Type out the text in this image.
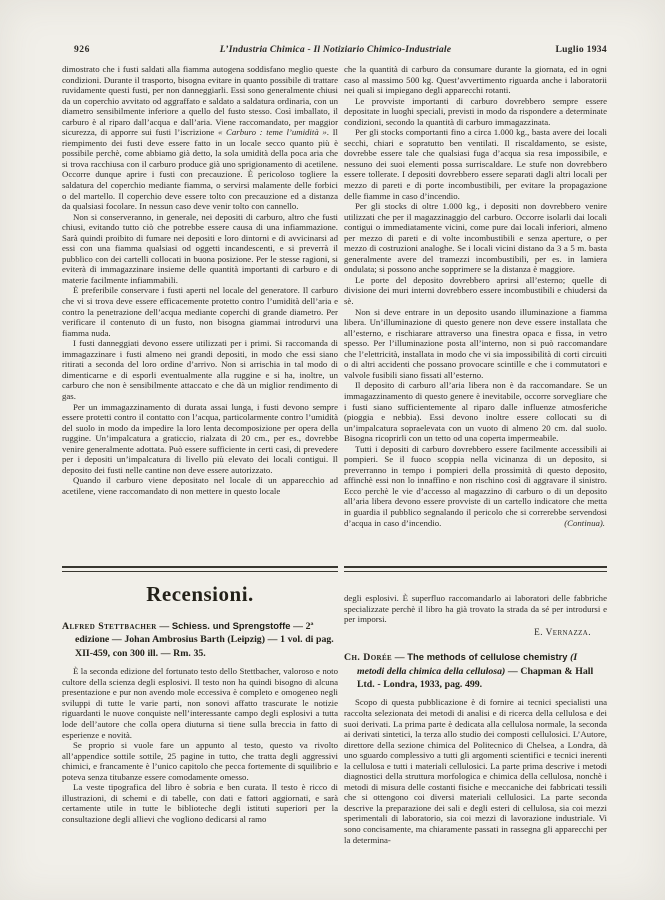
926	L’Industria Chimica - Il Notiziario Chimico-Industriale	Luglio 1934

dimostrato che i fusti saldati alla fiamma autogena soddisfano meglio queste condizioni. Durante il trasporto, bisogna evitare in quanto possibile di trattare ruvidamente questi fusti, per non danneggiarli. Essi sono generalmente chiusi da un coperchio avvitato od aggraffato e saldato a saldatura ordinaria, con un diametro sensibilmente inferiore a quello del fusto stesso. Così imballato, il carburo è al riparo dall’acqua e dall’aria. Viene raccomandato, per maggior sicurezza, di apporre sui fusti l’iscrizione « Carburo : teme l’umidità ». Il riempimento dei fusti deve essere fatto in un locale secco quanto più è possibile perchè, come abbiamo già detto, la sola umidità della poca aria che si trova racchiusa con il carburo produce già uno sprigionamento di acetilene. Occorre dunque aprire i fusti con precauzione. È pericoloso togliere la saldatura del coperchio mediante fiamma, o servirsi malamente delle forbici o del martello. Il coperchio deve essere tolto con precauzione ed a distanza da qualsiasi focolare. In nessun caso deve venir tolto con cannello.

Non si conserveranno, in generale, nei depositi di carburo, altro che fusti chiusi, evitando tutto ciò che potrebbe essere causa di una infiammazione. Sarà quindi proibito di fumare nei depositi e loro dintorni e di avvicinarsi ad essi con una fiamma qualsiasi od oggetti incandescenti, e si preverrà il pubblico con dei cartelli collocati in buona posizione. Per le stesse ragioni, si eviterà di immagazzinare insieme delle quantità importanti di carburo e di materie facilmente infiammabili.

È preferibile conservare i fusti aperti nel locale del generatore. Il carburo che vi si trova deve essere efficacemente protetto contro l’umidità dell’aria e contro la penetrazione dell’acqua mediante coperchi di grande diametro. Per verificare il contenuto di un fusto, non bisogna giammai introdurvi una fiamma nuda.

I fusti danneggiati devono essere utilizzati per i primi. Si raccomanda di immagazzinare i fusti almeno nei grandi depositi, in modo che essi siano ritirati a seconda del loro ordine d’arrivo. Non si arrischia in tal modo di dimenticarne e di esporli eventualmente alla ruggine e si ha, inoltre, un carburo che non è sensibilmente attaccato e che dà un miglior rendimento di gas.

Per un immagazzinamento di durata assai lunga, i fusti devono sempre essere protetti contro il contatto con l’acqua, particolarmente contro l’umidità del suolo in modo da impedire la loro lenta decomposizione per opera della ruggine. Un’impalcatura a graticcio, rialzata di 20 cm., per es., dovrebbe venire generalmente adottata. Può essere sufficiente in certi casi, di prevedere per i depositi un’impalcatura di livello più elevato dei locali contigui. Il deposito dei fusti nelle cantine non deve essere autorizzato.

Quando il carburo viene depositato nel locale di un apparecchio ad acetilene, viene raccomandato di non mettere in questo locale

che la quantità di carburo da consumare durante la giornata, ed in ogni caso al massimo 500 kg. Quest’avvertimento riguarda anche i laboratorii nei quali si impiegano degli apparecchi rotanti.

Le provviste importanti di carburo dovrebbero sempre essere depositate in luoghi speciali, previsti in modo da rispondere a determinate condizioni, secondo la quantità di carburo immagazzinata.

Per gli stocks comportanti fino a circa 1.000 kg., basta avere dei locali secchi, chiari e sopratutto ben ventilati. Il riscaldamento, se esiste, dovrebbe essere tale che qualsiasi fuga d’acqua sia resa impossibile, e nessuno dei suoi elementi possa surriscaldare. Le stufe non dovrebbero essere tollerate. I depositi dovrebbero essere separati dagli altri locali per mezzo di pareti e di porte incombustibili, per evitare la propagazione delle fiamme in caso d’incendio.

Per gli stocks di oltre 1.000 kg., i depositi non dovrebbero venire utilizzati che per il magazzinaggio del carburo. Occorre isolarli dai locali contigui o immediatamente vicini, come pure dai locali inferiori, almeno per mezzo di pareti e di volte incombustibili e senza aperture, o per mezzo di costruzioni analoghe. Se i locali vicini distano da 3 a 5 m. basta generalmente avere del tramezzi incombustibili, per es. in lamiera ondulata; si possono anche sopprimere se la distanza è maggiore.

Le porte del deposito dovrebbero aprirsi all’esterno; quelle di divisione dei muri interni dovrebbero essere incombustibili e chiudersi da sè.

Non si deve entrare in un deposito usando illuminazione a fiamma libera. Un’illuminazione di questo genere non deve essere installata che all’esterno, e rischiarare attraverso una finestra opaca e fissa, in vetro spesso. Per l’illuminazione posta all’interno, non si può raccomandare che l’elettricità, installata in modo che vi sia impossibilità di corti circuiti o di altri accidenti che possano provocare scintille e che i commutatori e valvole fusibili siano fissati all’esterno.

Il deposito di carburo all’aria libera non è da raccomandare. Se un immagazzinamento di questo genere è inevitabile, occorre sorvegliare che i fusti siano sufficientemente al riparo dalle influenze atmosferiche (pioggia e nebbia). Essi devono inoltre essere collocati su di un’impalcatura sopraelevata con un vuoto di almeno 20 cm. dal suolo. Bisogna ricoprirli con un tetto od una coperta impermeabile.

Tutti i depositi di carburo dovrebbero essere facilmente accessibili ai pompieri. Se il fuoco scoppia nella vicinanza di un deposito, si preverranno in tempo i pompieri della prossimità di questo deposito, affinchè essi non lo innaffino e non rischino così di aggravare il sinistro. Ecco perchè le vie d’accesso al magazzino di carburo o di un deposito all’aria libera devono essere provviste di un cartello indicatore che metta in guardia il pubblico segnalando il pericolo che si correrebbe servendosi d’acqua in caso d’incendio.	(Continua).

Recensioni.

Alfred Stettbacher — Schiess. und Sprengstoffe — 2ª edizione — Johan Ambrosius Barth (Leipzig) — 1 vol. di pag. XII-459, con 300 ill. — Rm. 35.

È la seconda edizione del fortunato testo dello Stettbacher, valoroso e noto cultore della scienza degli esplosivi. Il testo non ha quindi bisogno di alcuna presentazione e pur non avendo mole eccessiva è completo e omogeneo negli sviluppi di tutte le varie parti, non sonovi affatto trascurate le notizie riguardanti le nuove conquiste nell’interessante campo degli esplosivi a tutta lode dell’autore che colla opera diuturna si tiene sulla breccia in fatto di esperienze e novità.

Se proprio si vuole fare un appunto al testo, questo va rivolto all’appendice sottile sottile, 25 pagine in tutto, che tratta degli aggressivi chimici, e francamente è l’unico capitolo che pecca fortemente di squilibrio e poteva senza titubanze essere comodamente omesso.

La veste tipografica del libro è sobria e ben curata. Il testo è ricco di illustrazioni, di schemi e di tabelle, con dati e fattori aggiornati, e sarà certamente utile in tutte le biblioteche degli istituti superiori per la consultazione degli allievi che vogliono dedicarsi al ramo

degli esplosivi. È superfluo raccomandarlo ai laboratori delle fabbriche specializzate perchè il libro ha già trovato la strada da sé per introdursi e per imporsi.

E. Vernazza.

Ch. Dorée — The methods of cellulose chemistry (I metodi della chimica della cellulosa) — Chapman & Hall Ltd. - Londra, 1933, pag. 499.

Scopo di questa pubblicazione è di fornire ai tecnici specialisti una raccolta selezionata dei metodi di analisi e di ricerca della cellulosa e dei suoi derivati. La prima parte è dedicata alla cellulosa normale, la seconda ai derivati sintetici, la terza allo studio dei composti cellulosici. L’Autore, direttore della sezione chimica del Politecnico di Chelsea, a Londra, dà uno sguardo complessivo a tutti gli argomenti scientifici e tecnici inerenti la cellulosa e tutti i materiali cellulosici. La parte prima descrive i metodi diagnostici della struttura morfologica e chimica della cellulosa, nonchè i metodi di misura delle costanti fisiche e meccaniche dei fabbricati tessili che si ottengono coi diversi materiali cellulosici. La parte seconda descrive la preparazione dei sali e degli esteri di cellulosa, sia coi mezzi sperimentali di laboratorio, sia coi mezzi di lavorazione industriale. Vi sono concisamente, ma chiaramente passati in rassegna gli apparecchi per la determina-
